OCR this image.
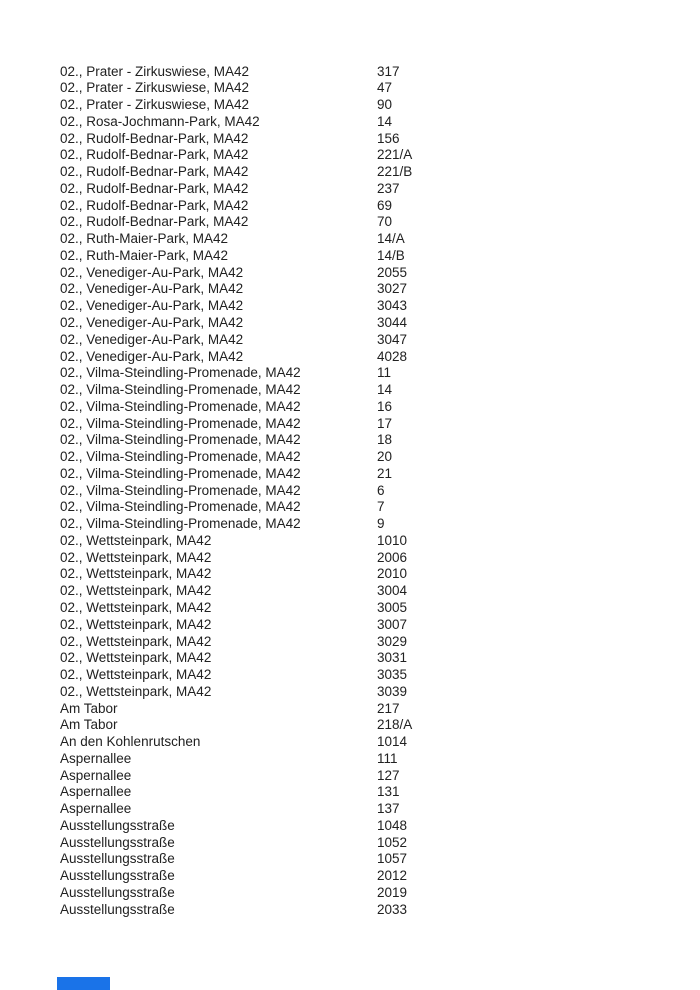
02., Prater - Zirkuswiese, MA42	317
02., Prater - Zirkuswiese, MA42	47
02., Prater - Zirkuswiese, MA42	90
02., Rosa-Jochmann-Park, MA42	14
02., Rudolf-Bednar-Park, MA42	156
02., Rudolf-Bednar-Park, MA42	221/A
02., Rudolf-Bednar-Park, MA42	221/B
02., Rudolf-Bednar-Park, MA42	237
02., Rudolf-Bednar-Park, MA42	69
02., Rudolf-Bednar-Park, MA42	70
02., Ruth-Maier-Park, MA42	14/A
02., Ruth-Maier-Park, MA42	14/B
02., Venediger-Au-Park, MA42	2055
02., Venediger-Au-Park, MA42	3027
02., Venediger-Au-Park, MA42	3043
02., Venediger-Au-Park, MA42	3044
02., Venediger-Au-Park, MA42	3047
02., Venediger-Au-Park, MA42	4028
02., Vilma-Steindling-Promenade, MA42	11
02., Vilma-Steindling-Promenade, MA42	14
02., Vilma-Steindling-Promenade, MA42	16
02., Vilma-Steindling-Promenade, MA42	17
02., Vilma-Steindling-Promenade, MA42	18
02., Vilma-Steindling-Promenade, MA42	20
02., Vilma-Steindling-Promenade, MA42	21
02., Vilma-Steindling-Promenade, MA42	6
02., Vilma-Steindling-Promenade, MA42	7
02., Vilma-Steindling-Promenade, MA42	9
02., Wettsteinpark, MA42	1010
02., Wettsteinpark, MA42	2006
02., Wettsteinpark, MA42	2010
02., Wettsteinpark, MA42	3004
02., Wettsteinpark, MA42	3005
02., Wettsteinpark, MA42	3007
02., Wettsteinpark, MA42	3029
02., Wettsteinpark, MA42	3031
02., Wettsteinpark, MA42	3035
02., Wettsteinpark, MA42	3039
Am Tabor	217
Am Tabor	218/A
An den Kohlenrutschen	1014
Aspernallee	111
Aspernallee	127
Aspernallee	131
Aspernallee	137
Ausstellungsstraße	1048
Ausstellungsstraße	1052
Ausstellungsstraße	1057
Ausstellungsstraße	2012
Ausstellungsstraße	2019
Ausstellungsstraße	2033
